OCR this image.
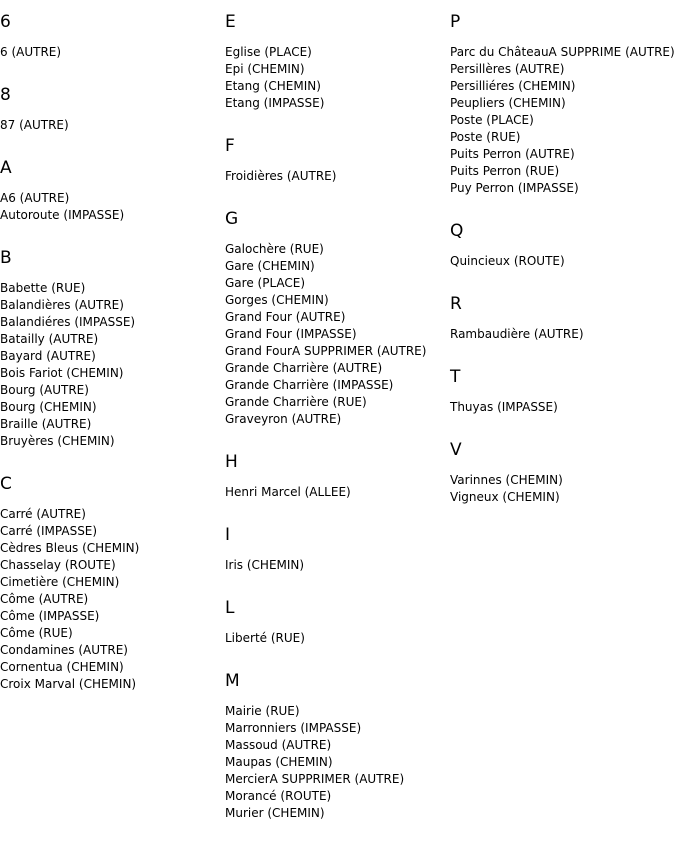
6
6 (AUTRE)
8
87 (AUTRE)
A
A6 (AUTRE)
Autoroute (IMPASSE)
B
Babette (RUE)
Balandières (AUTRE)
Balandiéres (IMPASSE)
Batailly (AUTRE)
Bayard (AUTRE)
Bois Fariot (CHEMIN)
Bourg (AUTRE)
Bourg (CHEMIN)
Braille (AUTRE)
Bruyères (CHEMIN)
C
Carré (AUTRE)
Carré (IMPASSE)
Cèdres Bleus (CHEMIN)
Chasselay (ROUTE)
Cimetière (CHEMIN)
Côme (AUTRE)
Côme (IMPASSE)
Côme (RUE)
Condamines (AUTRE)
Cornentua (CHEMIN)
Croix Marval (CHEMIN)
E
Eglise (PLACE)
Epi (CHEMIN)
Etang (CHEMIN)
Etang (IMPASSE)
F
Froidières (AUTRE)
G
Galochère (RUE)
Gare (CHEMIN)
Gare (PLACE)
Gorges (CHEMIN)
Grand Four (AUTRE)
Grand Four (IMPASSE)
Grand FourA SUPPRIMER (AUTRE)
Grande Charrière (AUTRE)
Grande Charrière (IMPASSE)
Grande Charrière (RUE)
Graveyron (AUTRE)
H
Henri Marcel (ALLEE)
I
Iris (CHEMIN)
L
Liberté (RUE)
M
Mairie (RUE)
Marronniers (IMPASSE)
Massoud (AUTRE)
Maupas (CHEMIN)
MercierA SUPPRIMER (AUTRE)
Morancé (ROUTE)
Murier (CHEMIN)
P
Parc du ChâteauA SUPPRIME (AUTRE)
Persillères (AUTRE)
Persilliéres (CHEMIN)
Peupliers (CHEMIN)
Poste (PLACE)
Poste (RUE)
Puits Perron (AUTRE)
Puits Perron (RUE)
Puy Perron (IMPASSE)
Q
Quincieux (ROUTE)
R
Rambaudière (AUTRE)
T
Thuyas (IMPASSE)
V
Varinnes (CHEMIN)
Vigneux (CHEMIN)
